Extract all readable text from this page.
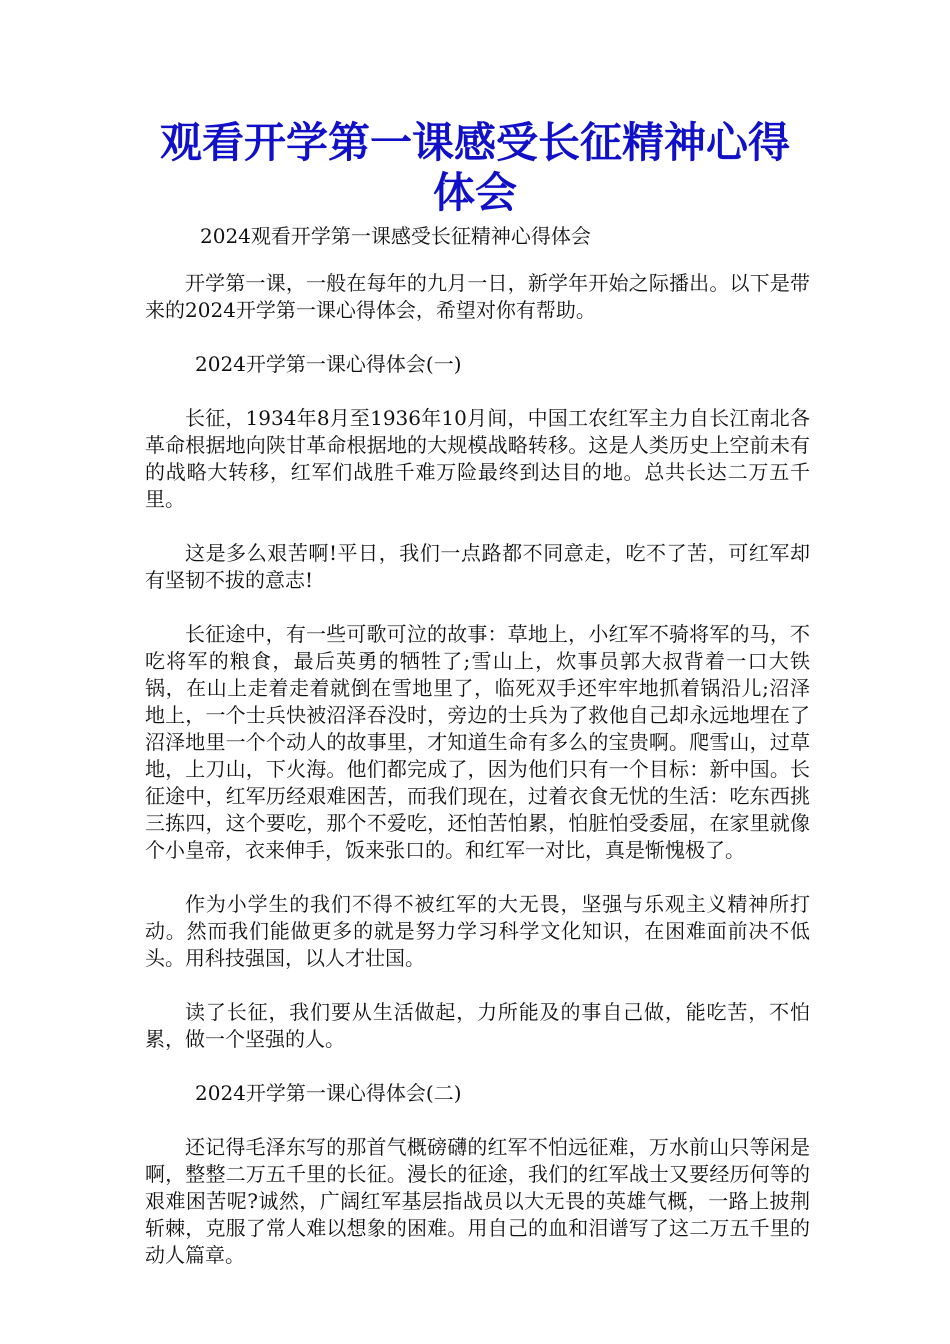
观看开学第一课感受长征精神心得体会

2024观看开学第一课感受长征精神心得体会

开学第一课，一般在每年的九月一日，新学年开始之际播出。以下是带来的2024开学第一课心得体会，希望对你有帮助。

2024开学第一课心得体会(一)

长征，1934年8月至1936年10月间，中国工农红军主力自长江南北各革命根据地向陕甘革命根据地的大规模战略转移。这是人类历史上空前未有的战略大转移，红军们战胜千难万险最终到达目的地。总共长达二万五千里。

这是多么艰苦啊!平日，我们一点路都不同意走，吃不了苦，可红军却有坚韧不拔的意志!

长征途中，有一些可歌可泣的故事：草地上，小红军不骑将军的马，不吃将军的粮食，最后英勇的牺牲了;雪山上，炊事员郭大叔背着一口大铁锅，在山上走着走着就倒在雪地里了，临死双手还牢牢地抓着锅沿儿;沼泽地上，一个士兵快被沼泽吞没时，旁边的士兵为了救他自己却永远地埋在了沼泽地里一个个动人的故事里，才知道生命有多么的宝贵啊。爬雪山，过草地，上刀山，下火海。他们都完成了，因为他们只有一个目标：新中国。长征途中，红军历经艰难困苦，而我们现在，过着衣食无忧的生活：吃东西挑三拣四，这个要吃，那个不爱吃，还怕苦怕累，怕脏怕受委屈，在家里就像个小皇帝，衣来伸手，饭来张口的。和红军一对比，真是惭愧极了。

作为小学生的我们不得不被红军的大无畏，坚强与乐观主义精神所打动。然而我们能做更多的就是努力学习科学文化知识，在困难面前决不低头。用科技强国，以人才壮国。

读了长征，我们要从生活做起，力所能及的事自己做，能吃苦，不怕累，做一个坚强的人。

2024开学第一课心得体会(二)

还记得毛泽东写的那首气概磅礴的红军不怕远征难，万水前山只等闲是啊，整整二万五千里的长征。漫长的征途，我们的红军战士又要经历何等的艰难困苦呢?诚然，广阔红军基层指战员以大无畏的英雄气概，一路上披荆斩棘，克服了常人难以想象的困难。用自己的血和泪谱写了这二万五千里的动人篇章。
